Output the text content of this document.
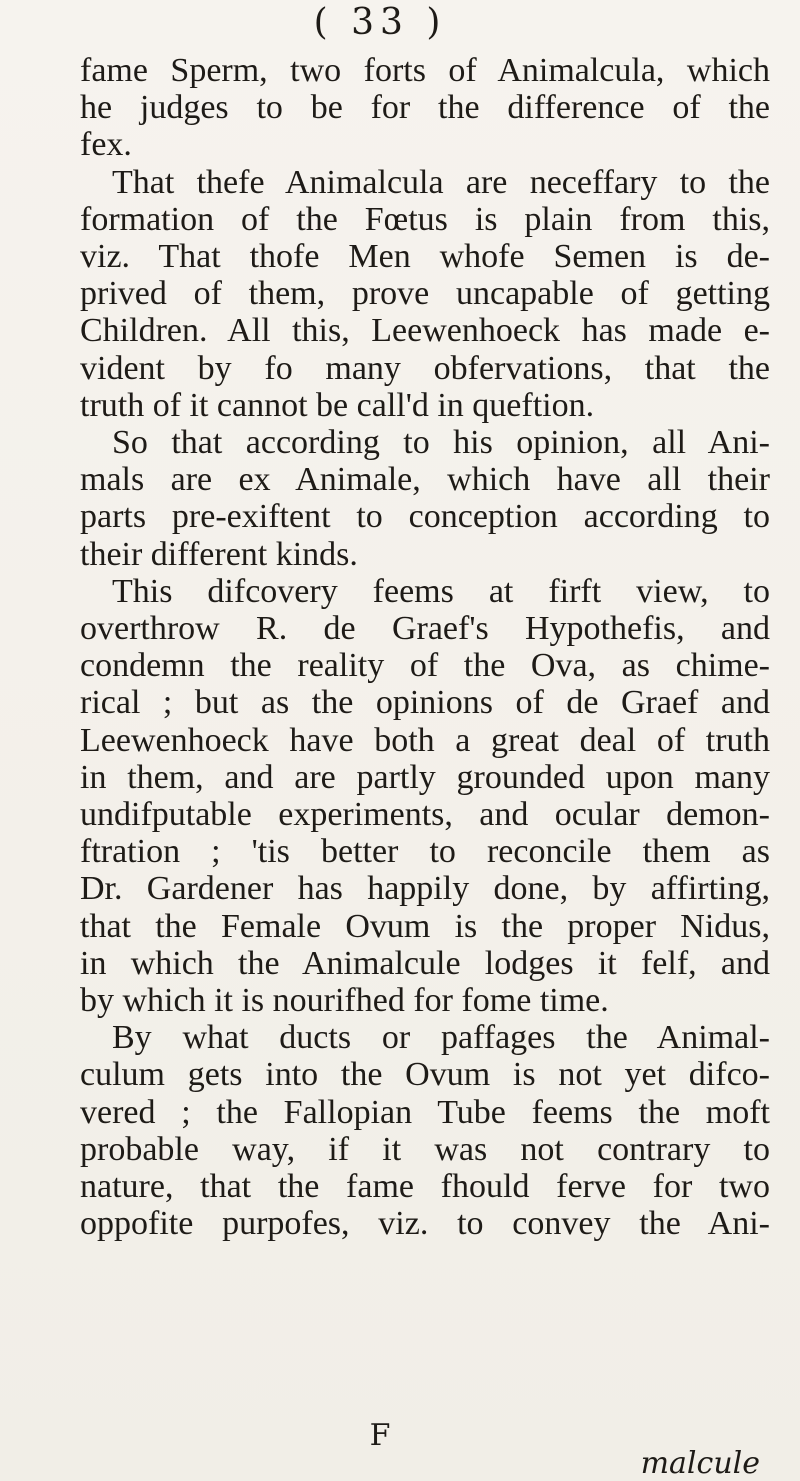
( 33 )

fame Sperm, two forts of Animalcula, which

he judges to be for the difference of the

fex.

That thefe Animalcula are neceffary to the

formation of the Fœtus is plain from this,

viz. That thofe Men whofe Semen is de-

prived of them, prove uncapable of getting

Children. All this, Leewenhoeck has made e-

vident by fo many obfervations, that the

truth of it cannot be call'd in queftion.

So that according to his opinion, all Ani-

mals are ex Animale, which have all their

parts pre-exiftent to conception according to

their different kinds.

This difcovery feems at firft view, to

overthrow R. de Graef's Hypothefis, and

condemn the reality of the Ova, as chime-

rical ; but as the opinions of de Graef and

Leewenhoeck have both a great deal of truth

in them, and are partly grounded upon many

undifputable experiments, and ocular demon-

ftration ; 'tis better to reconcile them as

Dr. Gardener has happily done, by affirting,

that the Female Ovum is the proper Nidus,

in which the Animalcule lodges it felf, and

by which it is nourifhed for fome time.

By what ducts or paffages the Animal-

culum gets into the Ovum is not yet difco-

vered ; the Fallopian Tube feems the moft

probable way, if it was not contrary to

nature, that the fame fhould ferve for two

oppofite purpofes, viz. to convey the Ani-

F
malcule
